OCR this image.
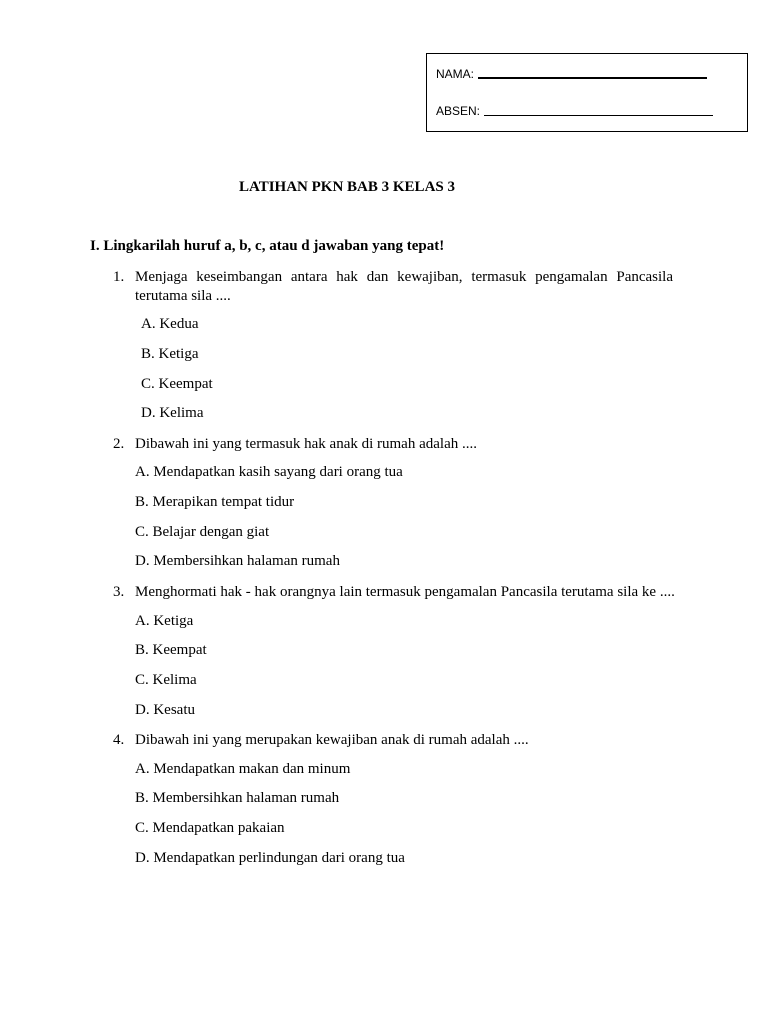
NAMA:
ABSEN:
LATIHAN PKN BAB 3 KELAS 3
I. Lingkarilah huruf a, b, c, atau d jawaban yang tepat!
1. Menjaga keseimbangan antara hak dan kewajiban, termasuk pengamalan Pancasila terutama sila ....
A. Kedua
B. Ketiga
C. Keempat
D. Kelima
2. Dibawah ini yang termasuk hak anak di rumah adalah ....
A. Mendapatkan kasih sayang dari orang tua
B. Merapikan tempat tidur
C. Belajar dengan giat
D. Membersihkan halaman rumah
3. Menghormati hak - hak orangnya lain termasuk pengamalan Pancasila terutama sila ke ....
A. Ketiga
B. Keempat
C. Kelima
D. Kesatu
4. Dibawah ini yang merupakan kewajiban anak di rumah adalah ....
A. Mendapatkan makan dan minum
B. Membersihkan halaman rumah
C. Mendapatkan pakaian
D. Mendapatkan perlindungan dari orang tua
